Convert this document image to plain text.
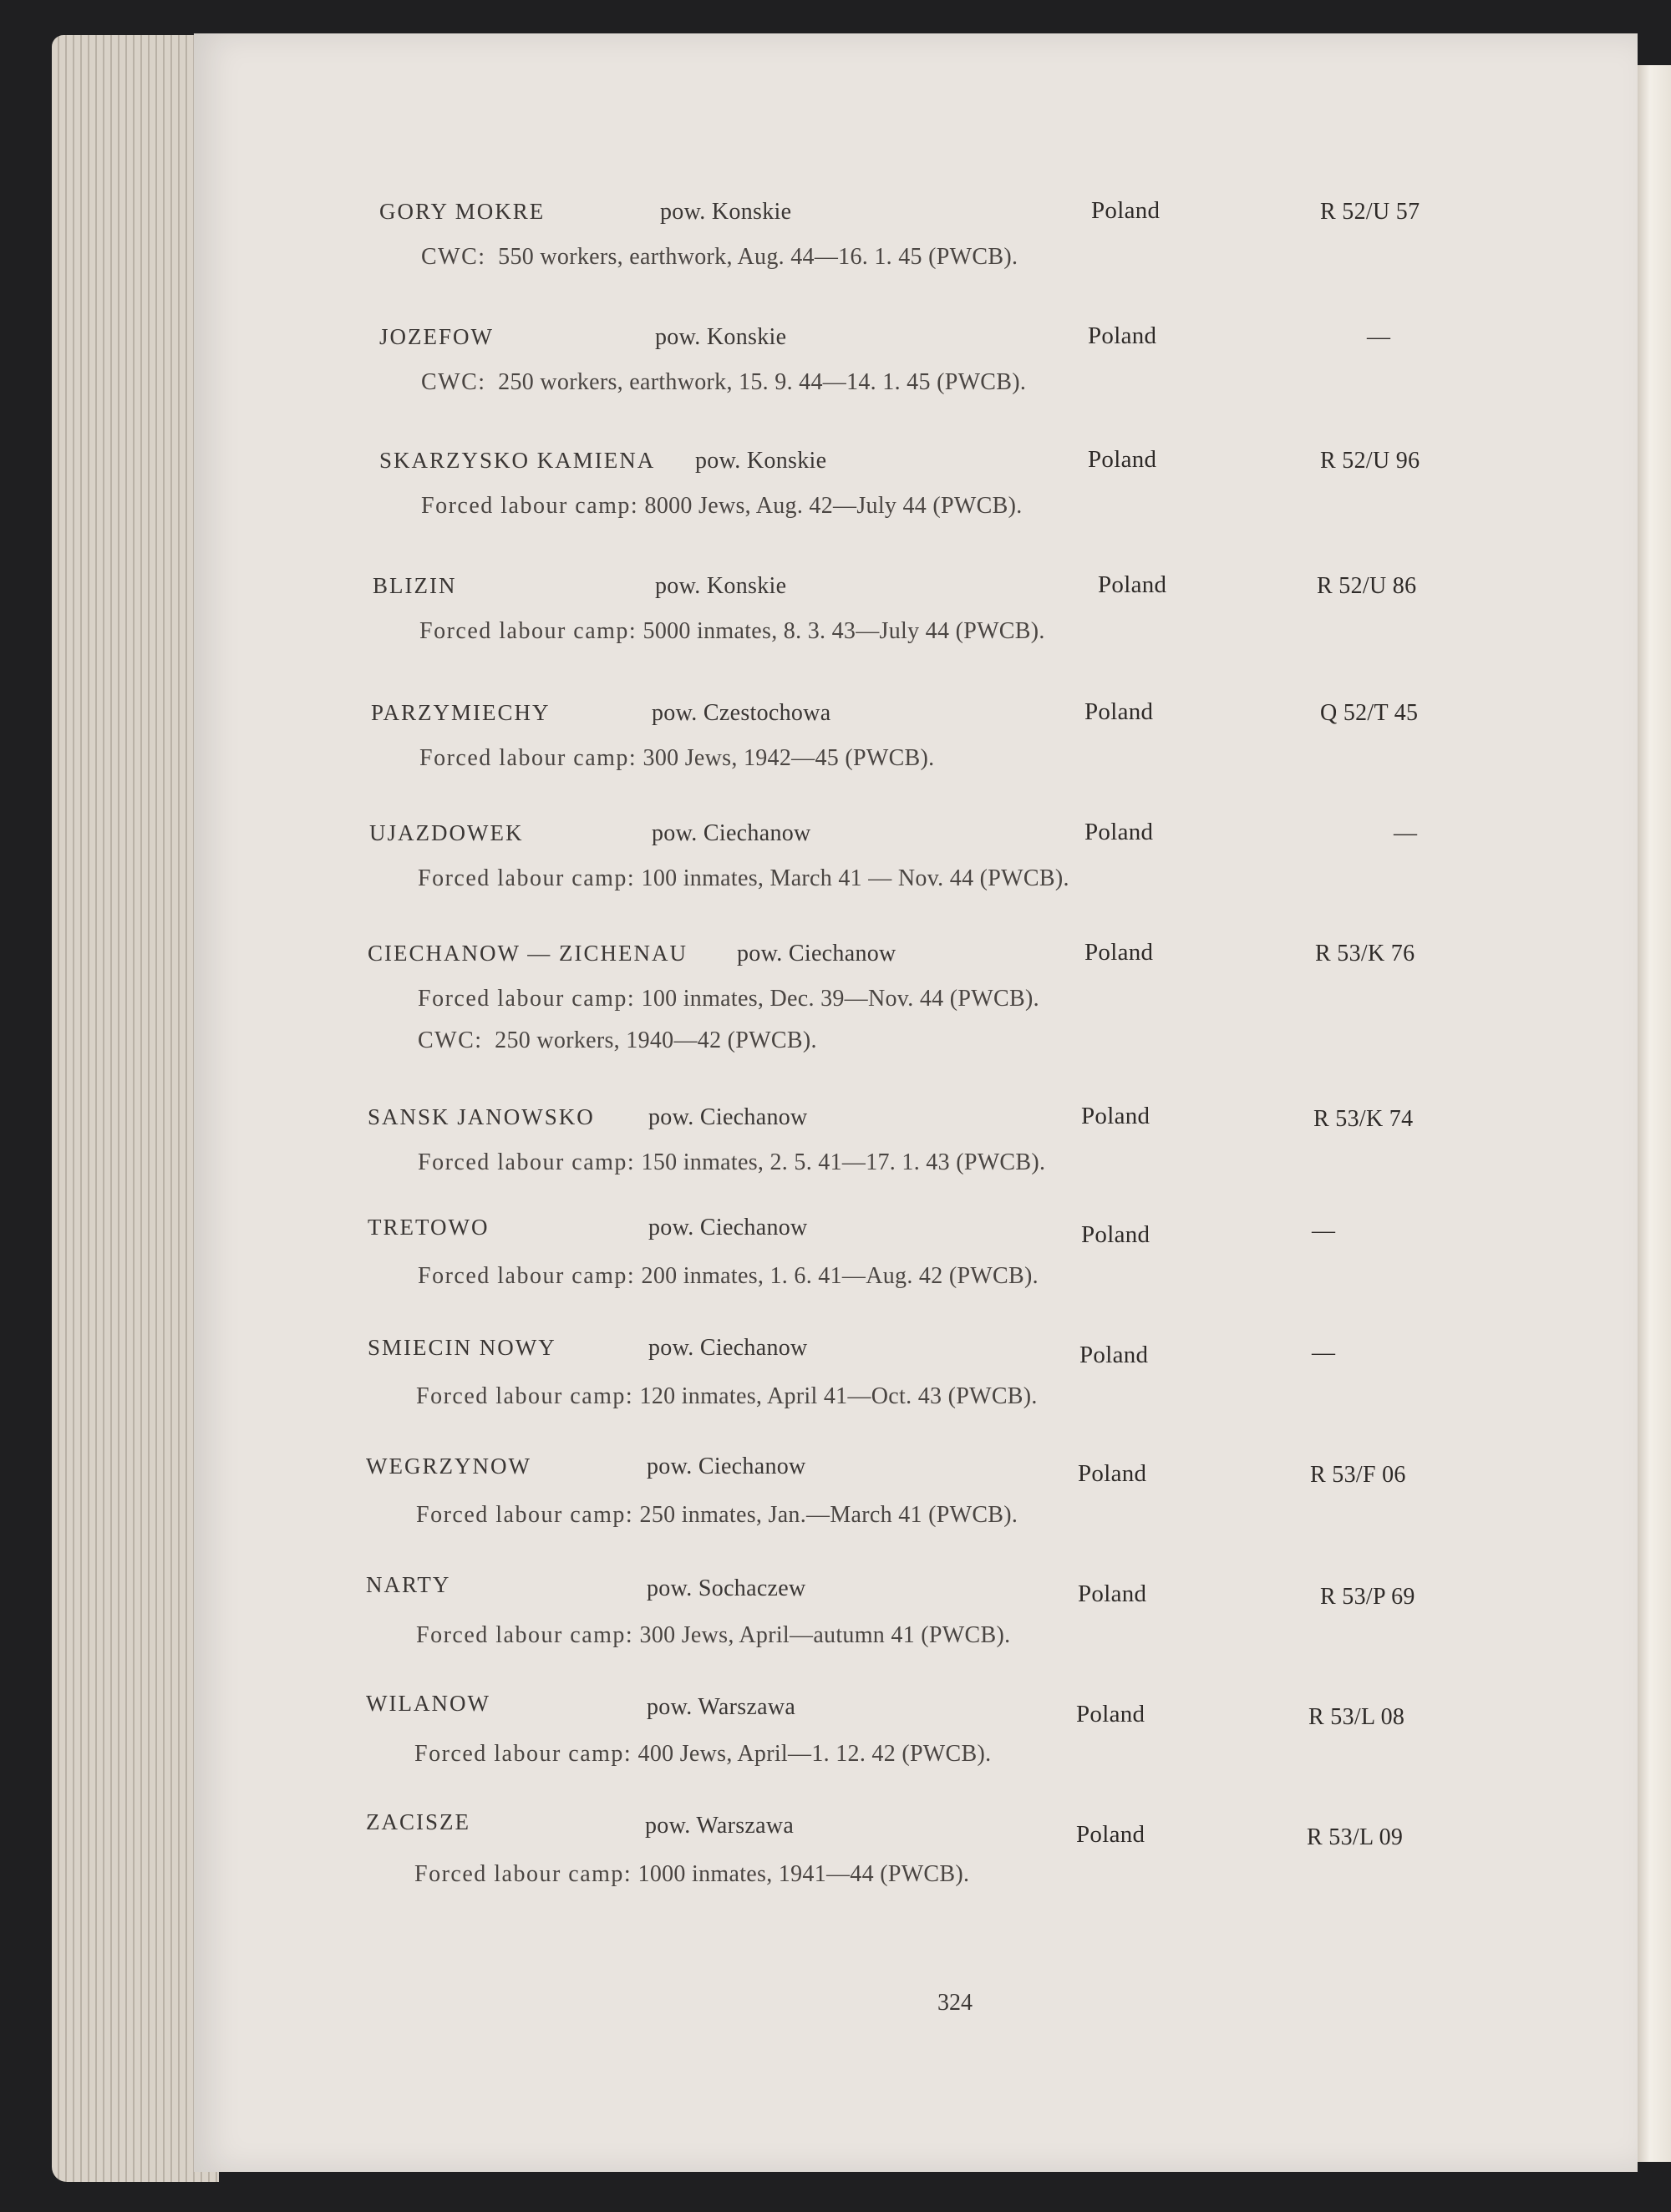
GORY MOKRE	pow. Konskie	Poland	R 52/U 57
CWC: 550 workers, earthwork, Aug. 44—16. 1. 45 (PWCB).
JOZEFOW	pow. Konskie	Poland	—
CWC: 250 workers, earthwork, 15. 9. 44—14. 1. 45 (PWCB).
SKARZYSKO KAMIENA pow. Konskie	Poland	R 52/U 96
Forced labour camp: 8000 Jews, Aug. 42—July 44 (PWCB).
BLIZIN	pow. Konskie	Poland	R 52/U 86
Forced labour camp: 5000 inmates, 8. 3. 43—July 44 (PWCB).
PARZYMIECHY	pow. Czestochowa	Poland	Q 52/T 45
Forced labour camp: 300 Jews, 1942—45 (PWCB).
UJAZDOWEK	pow. Ciechanow	Poland	—
Forced labour camp: 100 inmates, March 41 — Nov. 44 (PWCB).
CIECHANOW — ZICHENAU pow. Ciechanow	Poland	R 53/K 76
Forced labour camp: 100 inmates, Dec. 39—Nov. 44 (PWCB).
CWC: 250 workers, 1940—42 (PWCB).
SANSK JANOWSKO pow. Ciechanow	Poland	R 53/K 74
Forced labour camp: 150 inmates, 2. 5. 41—17. 1. 43 (PWCB).
TRETOWO	pow. Ciechanow	Poland	—
Forced labour camp: 200 inmates, 1. 6. 41—Aug. 42 (PWCB).
SMIECIN NOWY	pow. Ciechanow	Poland	—
Forced labour camp: 120 inmates, April 41—Oct. 43 (PWCB).
WEGRZYNOW	pow. Ciechanow	Poland	R 53/F 06
Forced labour camp: 250 inmates, Jan.—March 41 (PWCB).
NARTY	pow. Sochaczew	Poland	R 53/P 69
Forced labour camp: 300 Jews, April—autumn 41 (PWCB).
WILANOW	pow. Warszawa	Poland	R 53/L 08
Forced labour camp: 400 Jews, April—1. 12. 42 (PWCB).
ZACISZE	pow. Warszawa	Poland	R 53/L 09
Forced labour camp: 1000 inmates, 1941—44 (PWCB).
324
